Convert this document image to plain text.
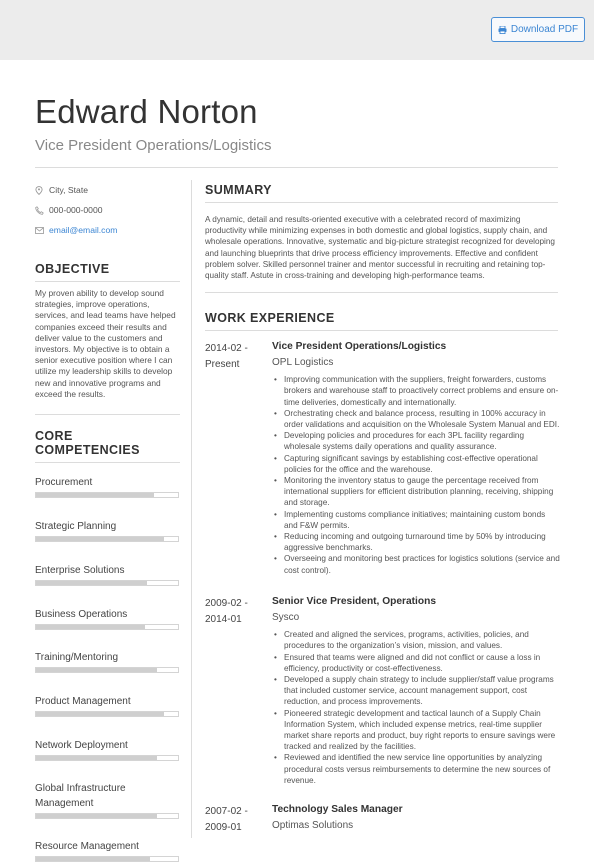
Download PDF
Edward Norton
Vice President Operations/Logistics
City, State
000-000-0000
email@email.com
OBJECTIVE
My proven ability to develop sound strategies, improve operations, services, and lead teams have helped companies exceed their results and deliver value to the customers and investors. My objective is to obtain a senior executive position where I can utilize my leadership skills to develop new and innovative programs and exceed the results.
CORE COMPETENCIES
Procurement
Strategic Planning
Enterprise Solutions
Business Operations
Training/Mentoring
Product Management
Network Deployment
Global Infrastructure Management
Resource Management
SUMMARY
A dynamic, detail and results-oriented executive with a celebrated record of maximizing productivity while minimizing expenses in both domestic and global logistics, supply chain, and wholesale operations. Innovative, systematic and big-picture strategist recognized for developing and launching blueprints that drive process efficiency improvements. Effective and confident problem solver. Skilled personnel trainer and mentor successful in recruiting and retaining top-quality staff. Astute in cross-training and developing high-performance teams.
WORK EXPERIENCE
2014-02 - Present
Vice President Operations/Logistics
OPL Logistics
• Improving communication with the suppliers, freight forwarders, customs brokers and warehouse staff to proactively correct problems and ensure on-time deliveries, domestically and internationally.
• Orchestrating check and balance process, resulting in 100% accuracy in order validations and acquisition on the Wholesale System Manual and EDI.
• Developing policies and procedures for each 3PL facility regarding wholesale systems daily operations and quality assurance.
• Capturing significant savings by establishing cost-effective operational policies for the office and the warehouse.
• Monitoring the inventory status to gauge the percentage received from international suppliers for efficient distribution planning, receiving, shipping and storage.
• Implementing customs compliance initiatives; maintaining custom bonds and F&W permits.
• Reducing incoming and outgoing turnaround time by 50% by introducing aggressive benchmarks.
• Overseeing and monitoring best practices for logistics solutions (service and cost control).
2009-02 - 2014-01
Senior Vice President, Operations
Sysco
• Created and aligned the services, programs, activities, policies, and procedures to the organization’s vision, mission, and values.
• Ensured that teams were aligned and did not conflict or cause a loss in efficiency, productivity or cost-effectiveness.
• Developed a supply chain strategy to include supplier/staff value programs that included customer service, account management support, cost reduction, and process improvements.
• Pioneered strategic development and tactical launch of a Supply Chain Information System, which included expense metrics, real-time supplier market share reports and product, buy right reports to ensure savings were tracked and realized by the facilities.
• Reviewed and identified the new service line opportunities by analyzing procedural costs versus reimbursements to determine the new sources of revenue.
2007-02 - 2009-01
Technology Sales Manager
Optimas Solutions
